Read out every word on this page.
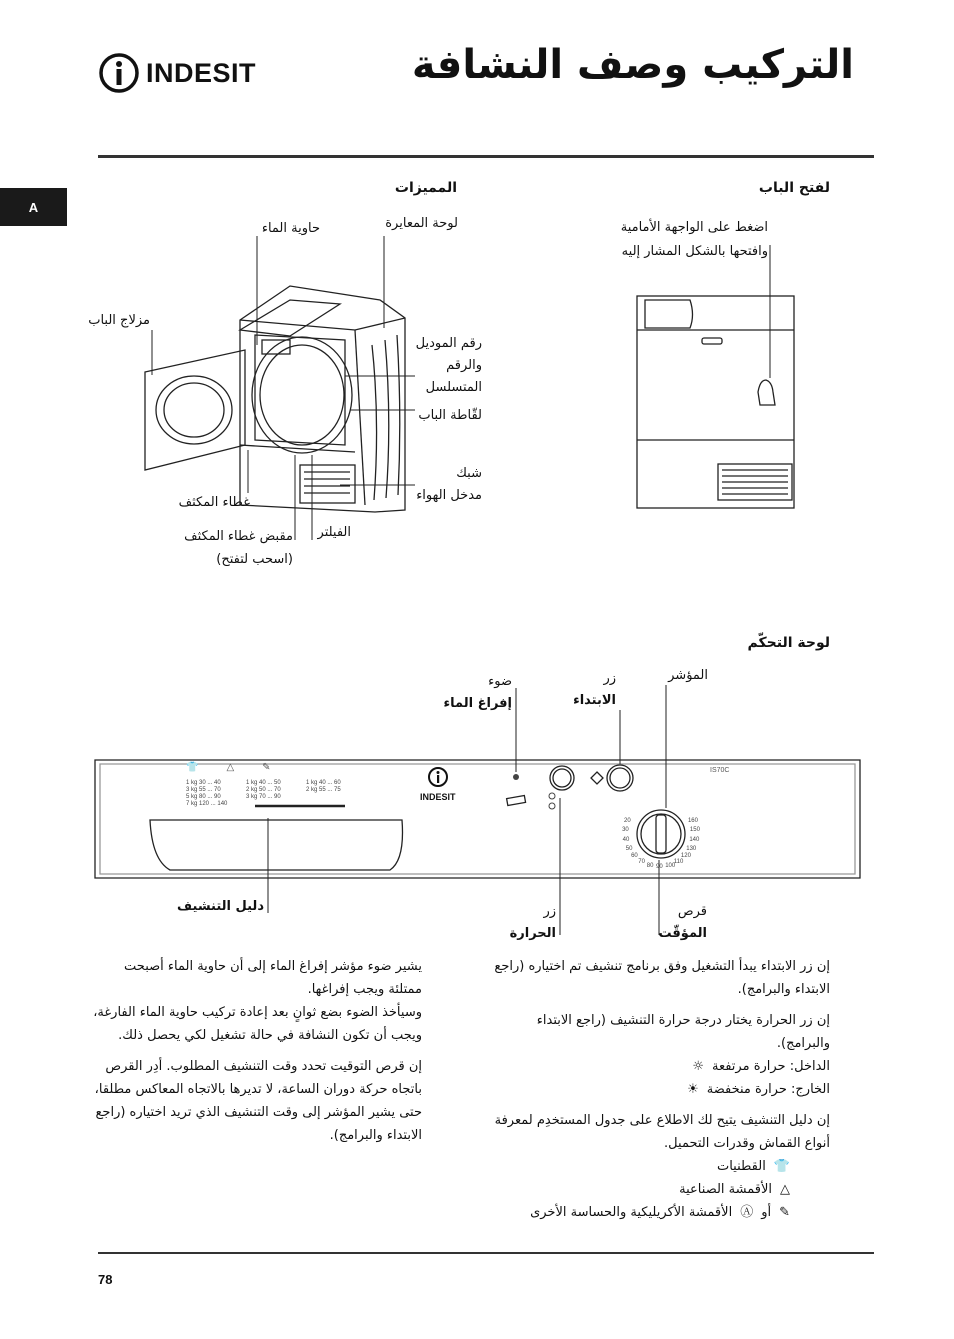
INDESIT	التركيب وصف النشافة
A
INDESIT
IS70C
1 kg 30 ... 40
3 kg 55 ... 70
5 kg 80 ... 90
7 kg 120 ... 140
1 kg 40 ... 50
2 kg 50 ... 70
3 kg 70 ... 90
1 kg 40 ... 60
2 kg 55 ... 75
👕	△	✎
20
30
40
50
60
70
80 90 100
110
120
130
140
150
160
لفتح الباب
المميزات
لوحة التحكّم
اضغط على الواجهة الأمامية
وافتحها بالشكل المشار إليه
حاوية الماء	لوحة المعايرة
مزلاج الباب
رقم الموديل
والرقم
المتسلسل
لقّاطة الباب
شبك
مدخل الهواء
غطاء المكثف
مقبض غطاء المكثف
(اسحب لتفتح)
الفيلتر
المؤشر
زر
الابتداء
ضوء
إفراغ الماء
دليل التنشيف	زر
الحرارة
قرص
المؤقّت
يشير ضوء مؤشر إفراغ الماء إلى أن حاوية الماء أصبحت ممتلئة ويجب إفراغها.
وسيأخذ الضوء بضع ثوانٍ بعد إعادة تركيب حاوية الماء الفارغة، ويجب أن تكون النشافة في حالة تشغيل لكي يحصل ذلك.
إن قرص التوقيت تحدد وقت التنشيف المطلوب. أدِر القرص باتجاه حركة دوران الساعة، لا تديرها بالاتجاه المعاكس مطلقا، حتى يشير المؤشر إلى وقت التنشيف الذي تريد اختياره (راجع الابتداء والبرامج).
إن زر الابتداء يبدأ التشغيل وفق برنامج تنشيف تم اختياره (راجع الابتداء والبرامج).
إن زر الحرارة يختار درجة حرارة التنشيف (راجع الابتداء والبرامج).
الداخل: حرارة مرتفعة
☼
الخارج: حرارة منخفضة
☀
إن دليل التنشيف يتيح لك الاطلاع على جدول المستخدِم لمعرفة أنواع القماش وقدرات التحميل.
👕
القطنيات
△
الأقمشة الصناعية
✎
أو
Ⓐ
الأقمشة الأكريليكية والحساسة الأخرى
78
